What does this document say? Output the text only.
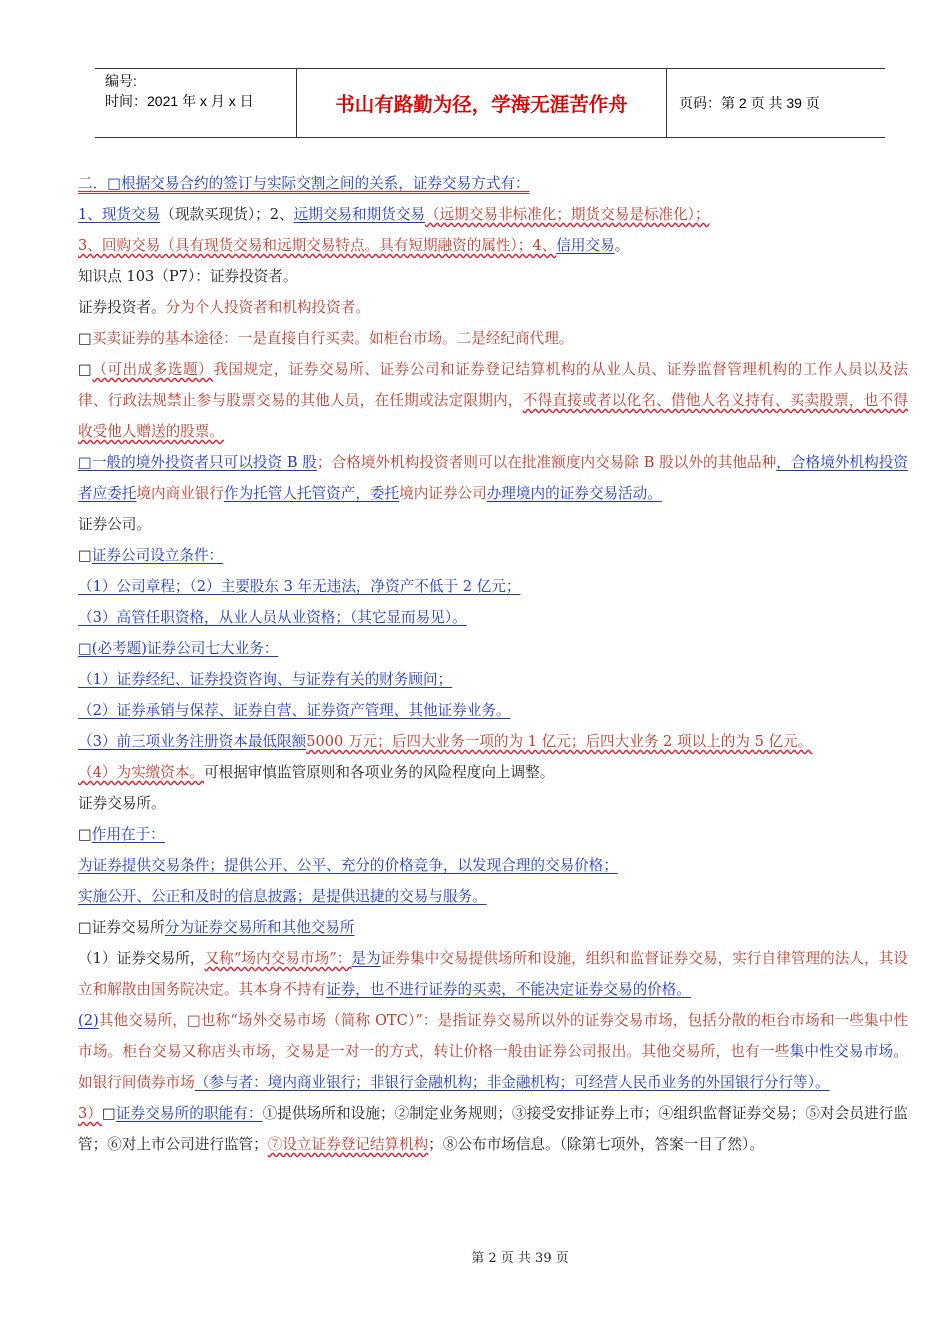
编号:
时间：2021 年 x 月 x 日	书山有路勤为径，学海无涯苦作舟	页码：第 2 页 共 39 页

二．□根据交易合约的签订与实际交割之间的关系，证券交易方式有：

1、现货交易（现款买现货）；2、远期交易和期货交易（远期交易非标准化；期货交易是标准化）；

3、回购交易（具有现货交易和远期交易特点。具有短期融资的属性）；4、信用交易。

知识点 103（P7）：证券投资者。

证券投资者。分为个人投资者和机构投资者。

□买卖证券的基本途径：一是直接自行买卖。如柜台市场。二是经纪商代理。

□（可出成多选题）我国规定，证券交易所、证券公司和证券登记结算机构的从业人员、证券监督管理机构的工作人员以及法律、行政法规禁止参与股票交易的其他人员，在任期或法定限期内，不得直接或者以化名、借他人名义持有、买卖股票，也不得收受他人赠送的股票。

□一般的境外投资者只可以投资 B 股；合格境外机构投资者则可以在批准额度内交易除 B 股以外的其他品种，合格境外机构投资者应委托境内商业银行作为托管人托管资产，委托境内证券公司办理境内的证券交易活动。

证券公司。

□证券公司设立条件：

（1）公司章程；（2）主要股东 3 年无违法，净资产不低于 2 亿元；

（3）高管任职资格，从业人员从业资格；（其它显而易见）。

□(必考题)证券公司七大业务：

（1）证券经纪、证券投资咨询、与证券有关的财务顾问；

（2）证券承销与保荐、证券自营、证券资产管理、其他证券业务。

（3）前三项业务注册资本最低限额5000 万元；后四大业务一项的为 1 亿元；后四大业务 2 项以上的为 5 亿元。

（4）为实缴资本。可根据审慎监管原则和各项业务的风险程度向上调整。

证券交易所。

□作用在于：

为证券提供交易条件；提供公开、公平、充分的价格竞争，以发现合理的交易价格；

实施公开、公正和及时的信息披露；是提供迅捷的交易与服务。

□证券交易所分为证券交易所和其他交易所

（1）证券交易所，又称“场内交易市场”：是为证券集中交易提供场所和设施，组织和监督证券交易，实行自律管理的法人，其设立和解散由国务院决定。其本身不持有证券，也不进行证券的买卖，不能决定证券交易的价格。

(2)其他交易所，□也称“场外交易市场（简称 OTC）”：是指证券交易所以外的证券交易市场，包括分散的柜台市场和一些集中性市场。柜台交易又称店头市场，交易是一对一的方式，转让价格一般由证券公司报出。其他交易所，也有一些集中性交易市场。如银行间债券市场（参与者：境内商业银行；非银行金融机构；非金融机构；可经营人民币业务的外国银行分行等）。

3）□证券交易所的职能有：①提供场所和设施；②制定业务规则；③接受安排证券上市；④组织监督证券交易；⑤对会员进行监管；⑥对上市公司进行监管；⑦设立证券登记结算机构；⑧公布市场信息。（除第七项外，答案一目了然）。

第 2 页 共 39 页
